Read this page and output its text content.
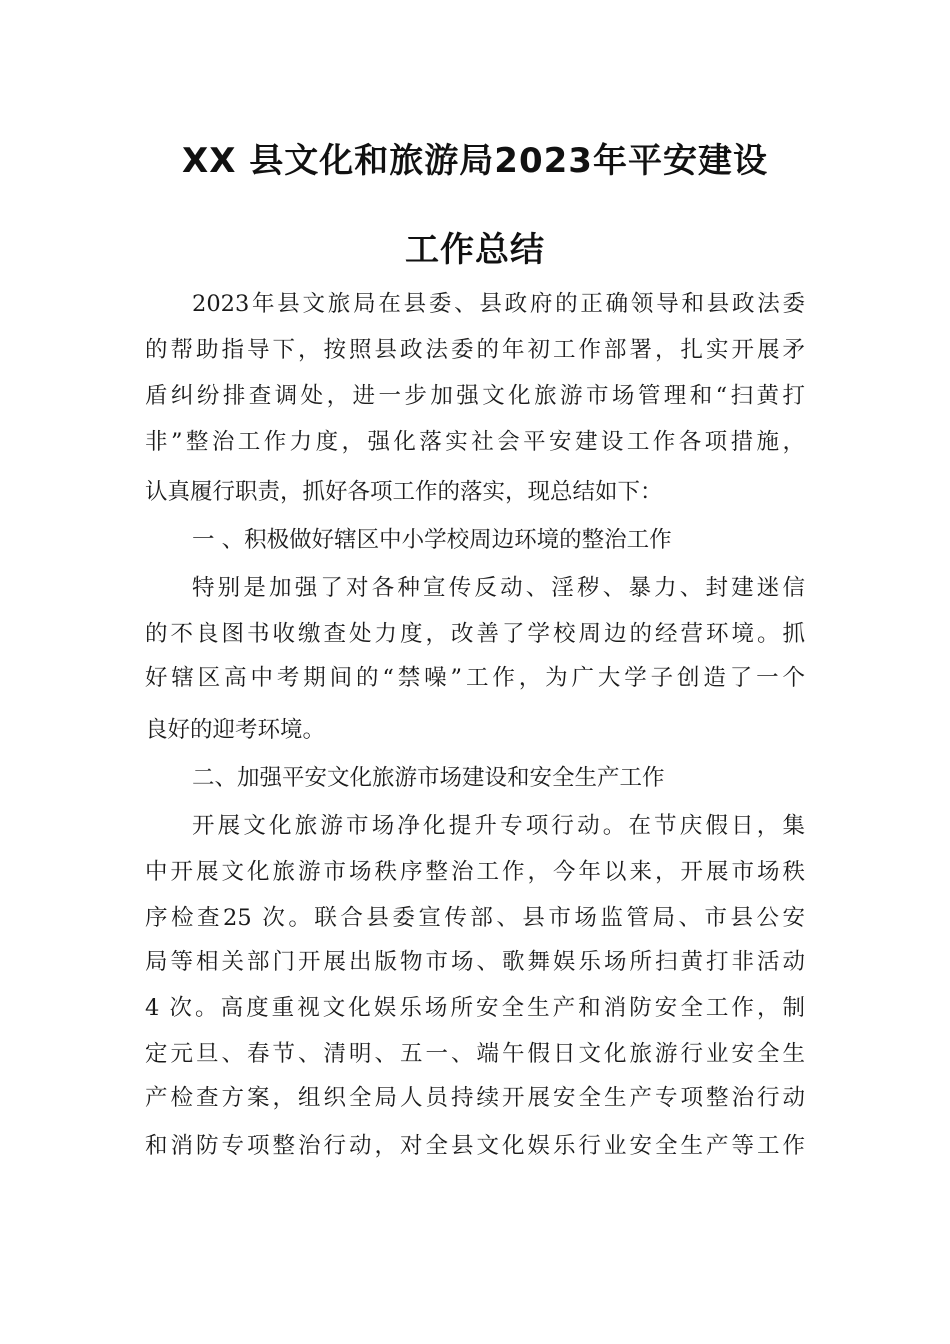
XX 县文化和旅游局2023年平安建设
工作总结
2023年县文旅局在县委、县政府的正确领导和县政法委
的帮助指导下，按照县政法委的年初工作部署，扎实开展矛
盾纠纷排查调处，进一步加强文化旅游市场管理和“扫黄打
非”整治工作力度，强化落实社会平安建设工作各项措施，
认真履行职责，抓好各项工作的落实，现总结如下：
一 、积极做好辖区中小学校周边环境的整治工作
特别是加强了对各种宣传反动、淫秽、暴力、封建迷信
的不良图书收缴查处力度，改善了学校周边的经营环境。抓
好辖区高中考期间的“禁噪”工作，为广大学子创造了一个
良好的迎考环境。
二、加强平安文化旅游市场建设和安全生产工作
开展文化旅游市场净化提升专项行动。在节庆假日，集
中开展文化旅游市场秩序整治工作，今年以来，开展市场秩
序检查25 次。联合县委宣传部、县市场监管局、市县公安
局等相关部门开展出版物市场、歌舞娱乐场所扫黄打非活动
4 次。高度重视文化娱乐场所安全生产和消防安全工作，制
定元旦、春节、清明、五一、端午假日文化旅游行业安全生
产检查方案，组织全局人员持续开展安全生产专项整治行动
和消防专项整治行动，对全县文化娱乐行业安全生产等工作
